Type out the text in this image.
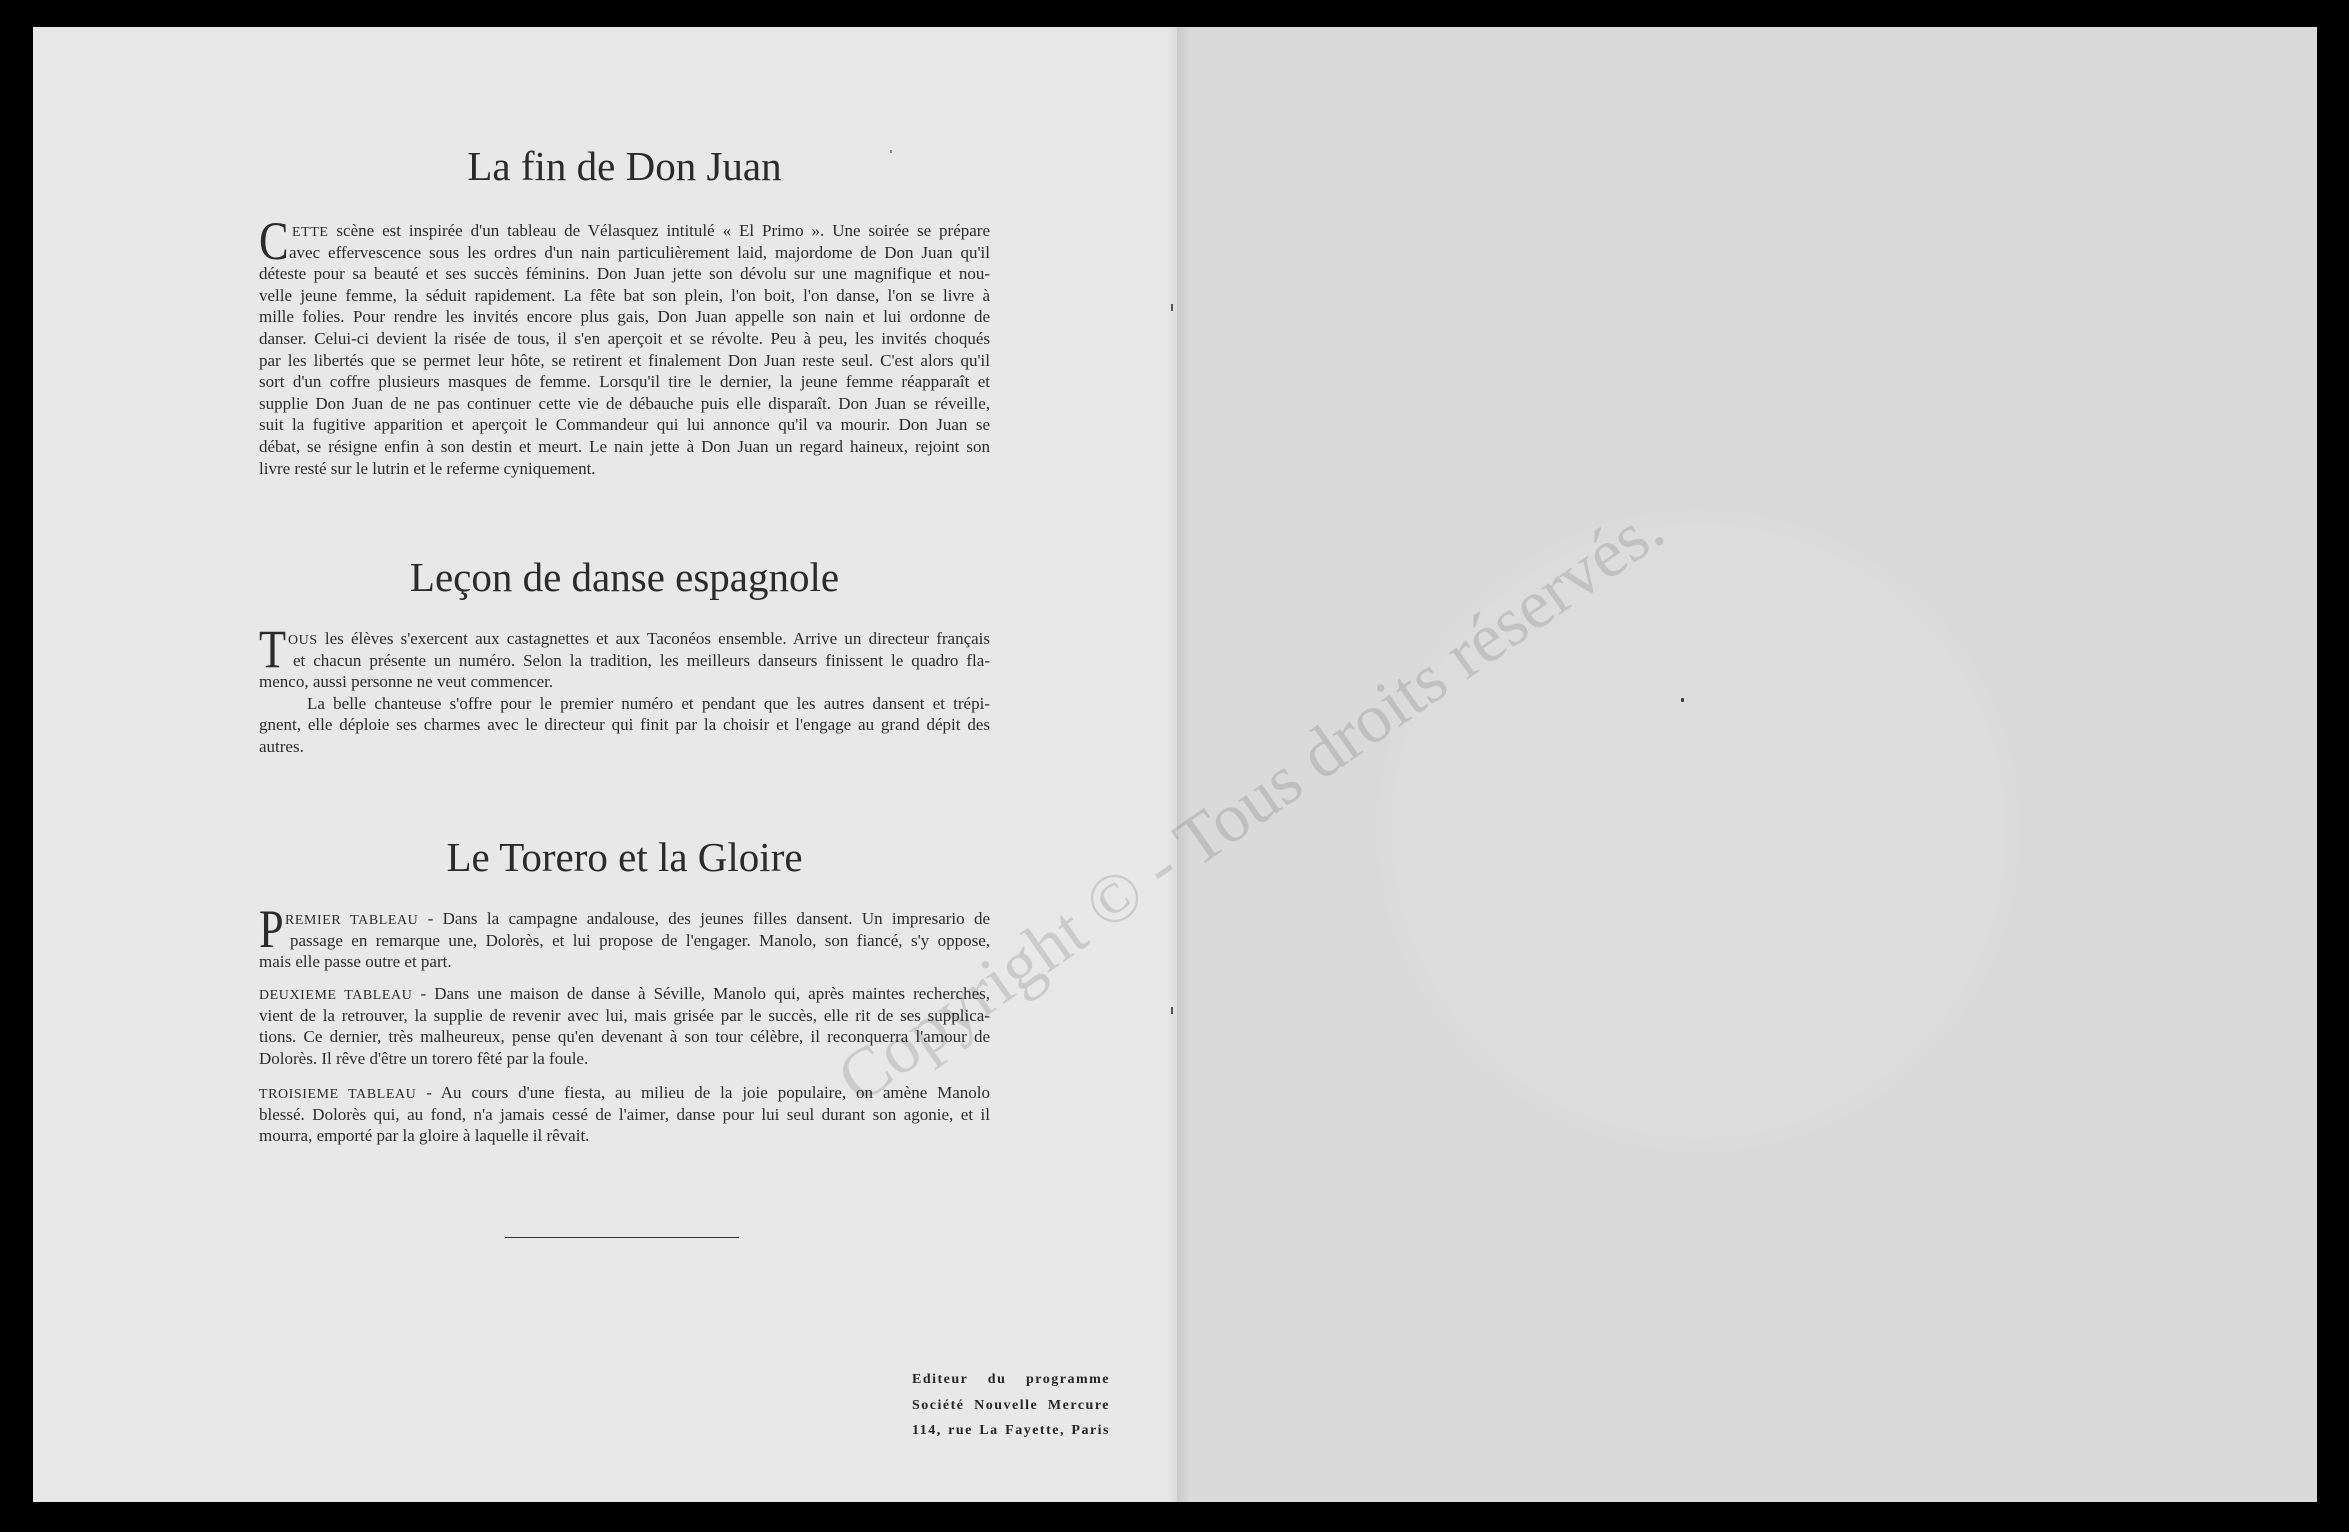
La fin de Don Juan
C ETTE scène est inspirée d'un tableau de Vélasquez intitulé « El Primo ». Une soirée se prépare
avec effervescence sous les ordres d'un nain particulièrement laid, majordome de Don Juan qu'il
déteste pour sa beauté et ses succès féminins. Don Juan jette son dévolu sur une magnifique et nou-
velle jeune femme, la séduit rapidement. La fête bat son plein, l'on boit, l'on danse, l'on se livre à
mille folies. Pour rendre les invités encore plus gais, Don Juan appelle son nain et lui ordonne de
danser. Celui-ci devient la risée de tous, il s'en aperçoit et se révolte. Peu à peu, les invités choqués
par les libertés que se permet leur hôte, se retirent et finalement Don Juan reste seul. C'est alors qu'il
sort d'un coffre plusieurs masques de femme. Lorsqu'il tire le dernier, la jeune femme réapparaît et
supplie Don Juan de ne pas continuer cette vie de débauche puis elle disparaît. Don Juan se réveille,
suit la fugitive apparition et aperçoit le Commandeur qui lui annonce qu'il va mourir. Don Juan se
débat, se résigne enfin à son destin et meurt. Le nain jette à Don Juan un regard haineux, rejoint son
livre resté sur le lutrin et le referme cyniquement.
Leçon de danse espagnole
T OUS les élèves s'exercent aux castagnettes et aux Taconéos ensemble. Arrive un directeur français
et chacun présente un numéro. Selon la tradition, les meilleurs danseurs finissent le quadro fla-
menco, aussi personne ne veut commencer.
La belle chanteuse s'offre pour le premier numéro et pendant que les autres dansent et trépi-
gnent, elle déploie ses charmes avec le directeur qui finit par la choisir et l'engage au grand dépit des
autres.
Le Torero et la Gloire
P REMIER TABLEAU - Dans la campagne andalouse, des jeunes filles dansent. Un impresario de
passage en remarque une, Dolorès, et lui propose de l'engager. Manolo, son fiancé, s'y oppose,
mais elle passe outre et part.
DEUXIEME TABLEAU - Dans une maison de danse à Séville, Manolo qui, après maintes recherches,
vient de la retrouver, la supplie de revenir avec lui, mais grisée par le succès, elle rit de ses supplica-
tions. Ce dernier, très malheureux, pense qu'en devenant à son tour célèbre, il reconquerra l'amour de
Dolorès. Il rêve d'être un torero fêté par la foule.
TROISIEME TABLEAU - Au cours d'une fiesta, au milieu de la joie populaire, on amène Manolo
blessé. Dolorès qui, au fond, n'a jamais cessé de l'aimer, danse pour lui seul durant son agonie, et il
mourra, emporté par la gloire à laquelle il rêvait.
Editeur du programme
Société Nouvelle Mercure
114, rue La Fayette, Paris
